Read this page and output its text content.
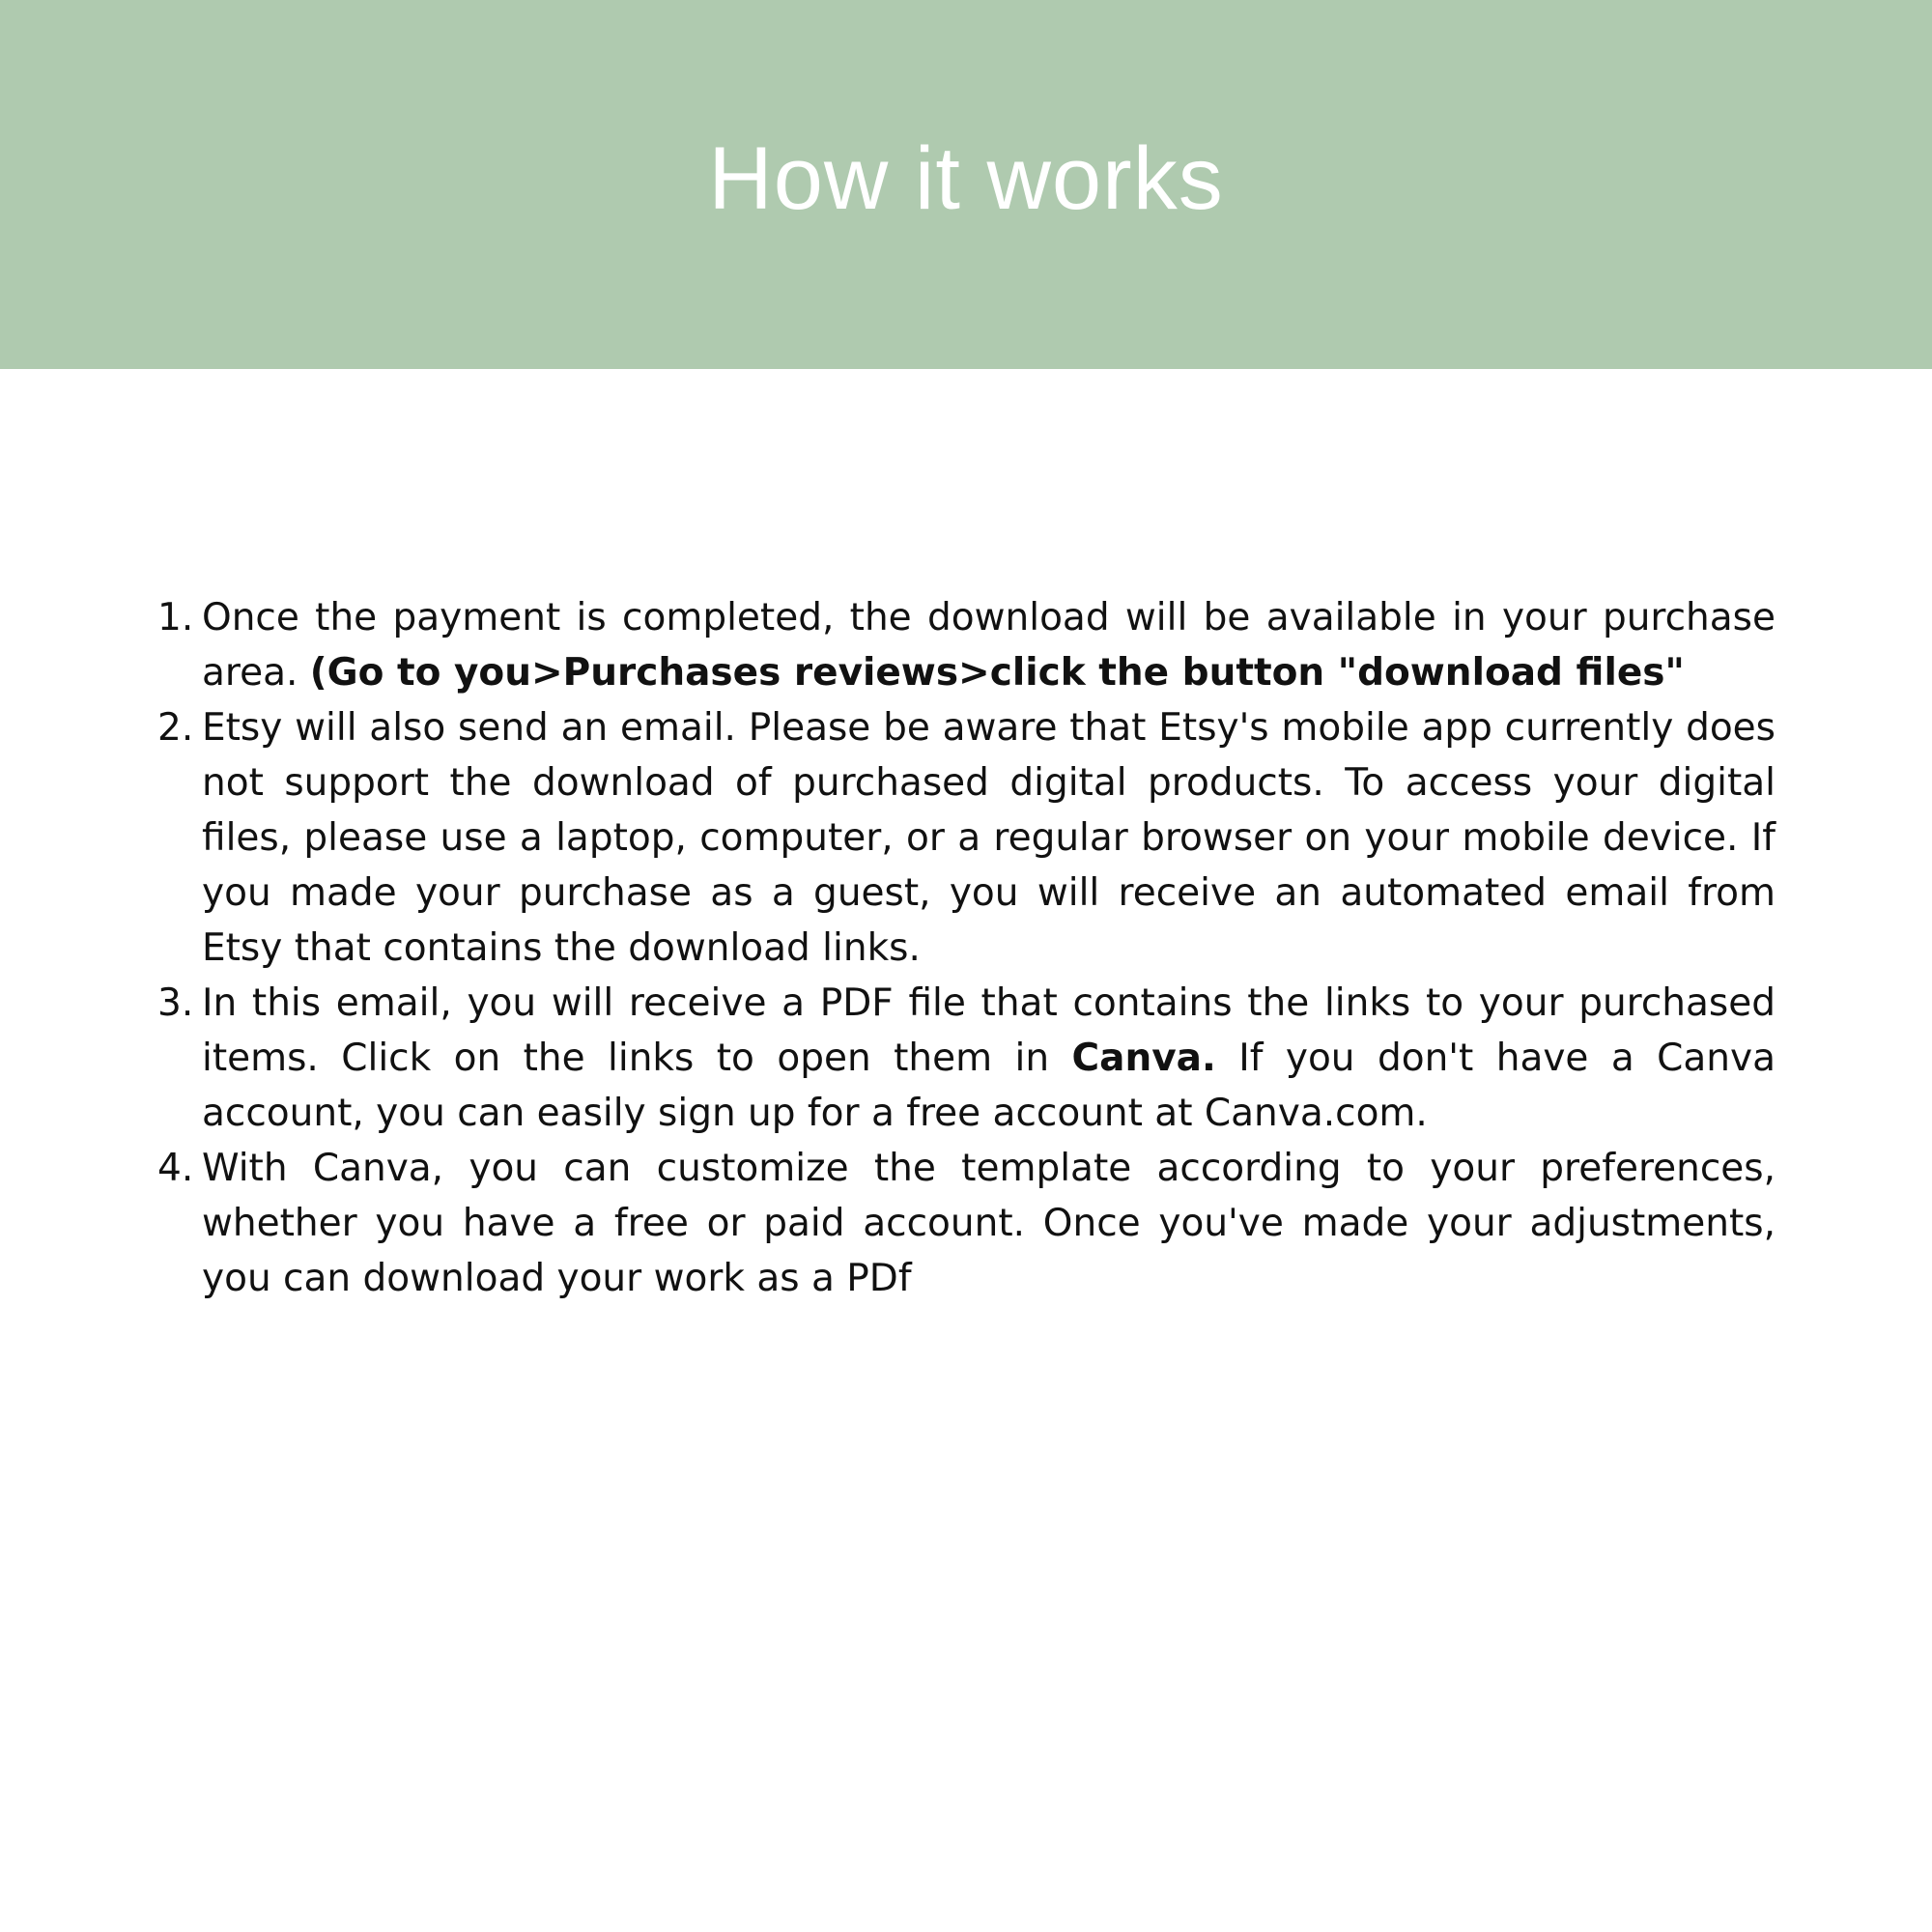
How it works
1. Once the payment is completed, the download will be available in your purchase area. (Go to you>Purchases reviews>click the button "download files"
2. Etsy will also send an email. Please be aware that Etsy's mobile app currently does not support the download of purchased digital products. To access your digital files, please use a laptop, computer, or a regular browser on your mobile device. If you made your purchase as a guest, you will receive an automated email from Etsy that contains the download links.
3. In this email, you will receive a PDF file that contains the links to your purchased items. Click on the links to open them in Canva. If you don't have a Canva account, you can easily sign up for a free account at Canva.com.
4. With Canva, you can customize the template according to your preferences, whether you have a free or paid account. Once you've made your adjustments, you can download your work as a PDf
